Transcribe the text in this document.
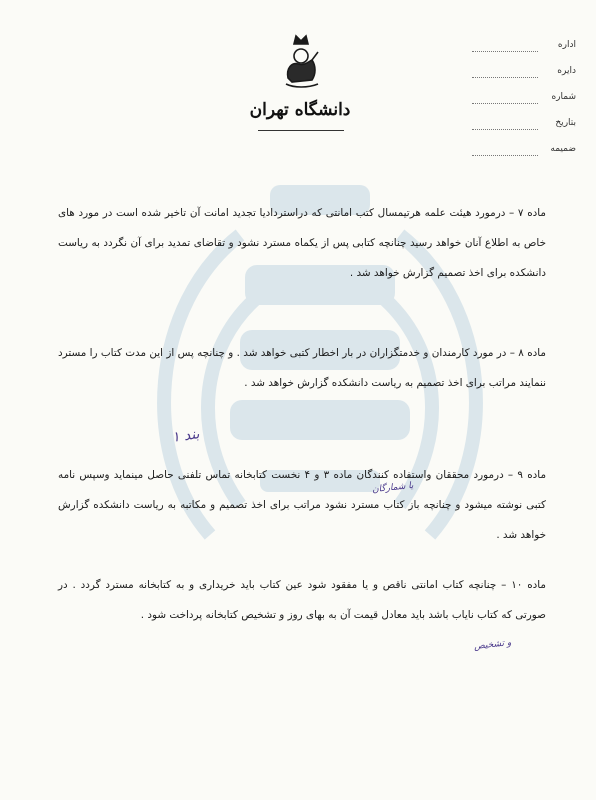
دانشگاه تهران
اداره
دایره
شماره
بتاریخ
ضمیمه

ماده ۷ – درمورد هیئت علمه هرتیمسال کتب امانتی که دراستردادیا تجدید امانت آن تاخیر شده است در مورد های خاص به اطلاع آنان خواهد رسید چنانچه کتابی پس از یکماه مسترد نشود و تقاضای تمدید برای آن نگردد به ریاست دانشکده برای اخذ تصمیم گزارش خواهد شد .

ماده ۸ – در مورد کارمندان و خدمتگزاران در بار اخطار کتبی خواهد شد . و چنانچه پس از این مدت کتاب را مسترد ننمایند مراتب برای اخذ تصمیم به ریاست دانشکده گزارش خواهد شد .

ماده ۹ – درمورد محققان واستفاده کنندگان ماده ۳ و ۴ نخست کتابخانه تماس تلفنی حاصل مینماید وسپس نامه کتبی نوشته میشود و چنانچه باز کتاب مسترد نشود مراتب برای اخذ تصمیم و مکاتبه به ریاست دانشکده گزارش خواهد شد .

ماده ۱۰ – چنانچه کتاب امانتی ناقص و یا مفقود شود عین کتاب باید خریداری و به کتابخانه مسترد گردد . در صورتی که کتاب نایاب باشد باید معادل قیمت آن به بهای روز و تشخیص کتابخانه پرداخت شود .

بند ۱
یا شمارگان
و تشخیص
